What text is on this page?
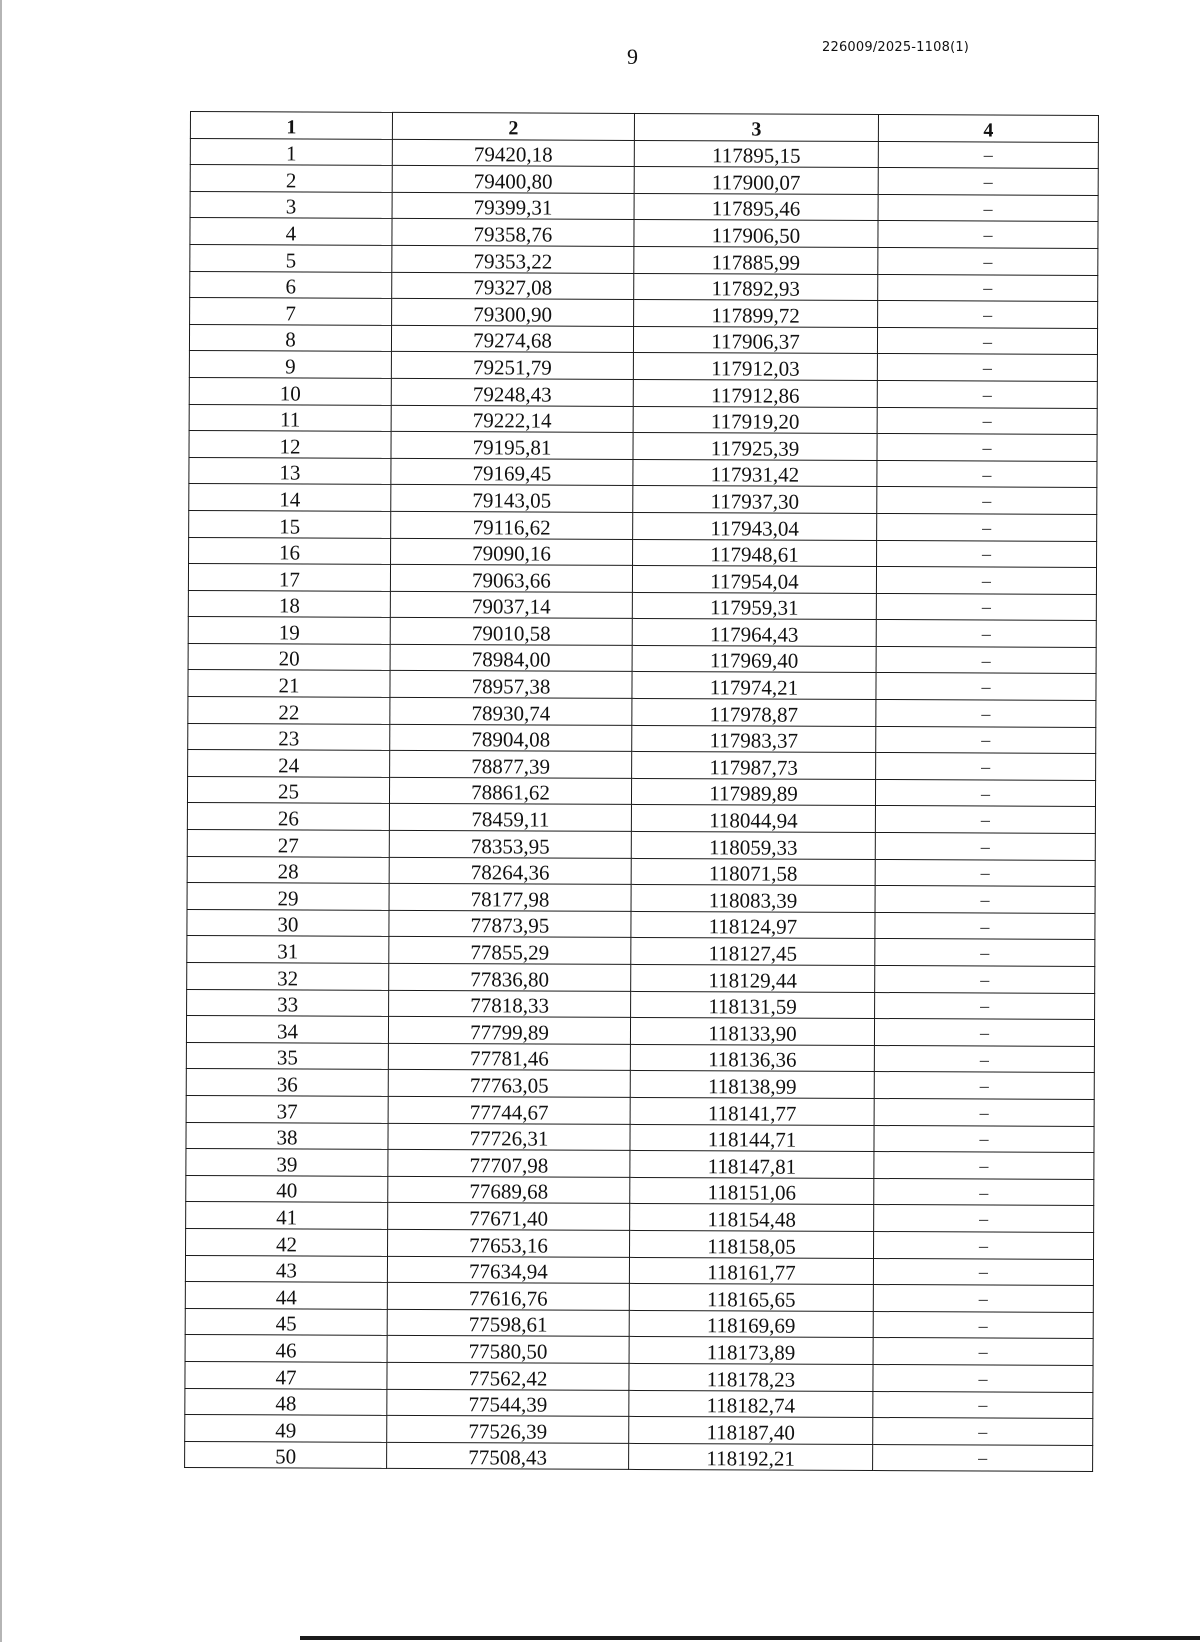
9	226009/2025-1108(1)
1	2	3	4
1	79420,18	117895,15	–
2	79400,80	117900,07	–
3	79399,31	117895,46	–
4	79358,76	117906,50	–
5	79353,22	117885,99	–
6	79327,08	117892,93	–
7	79300,90	117899,72	–
8	79274,68	117906,37	–
9	79251,79	117912,03	–
10	79248,43	117912,86	–
11	79222,14	117919,20	–
12	79195,81	117925,39	–
13	79169,45	117931,42	–
14	79143,05	117937,30	–
15	79116,62	117943,04	–
16	79090,16	117948,61	–
17	79063,66	117954,04	–
18	79037,14	117959,31	–
19	79010,58	117964,43	–
20	78984,00	117969,40	–
21	78957,38	117974,21	–
22	78930,74	117978,87	–
23	78904,08	117983,37	–
24	78877,39	117987,73	–
25	78861,62	117989,89	–
26	78459,11	118044,94	–
27	78353,95	118059,33	–
28	78264,36	118071,58	–
29	78177,98	118083,39	–
30	77873,95	118124,97	–
31	77855,29	118127,45	–
32	77836,80	118129,44	–
33	77818,33	118131,59	–
34	77799,89	118133,90	–
35	77781,46	118136,36	–
36	77763,05	118138,99	–
37	77744,67	118141,77	–
38	77726,31	118144,71	–
39	77707,98	118147,81	–
40	77689,68	118151,06	–
41	77671,40	118154,48	–
42	77653,16	118158,05	–
43	77634,94	118161,77	–
44	77616,76	118165,65	–
45	77598,61	118169,69	–
46	77580,50	118173,89	–
47	77562,42	118178,23	–
48	77544,39	118182,74	–
49	77526,39	118187,40	–
50	77508,43	118192,21	–
